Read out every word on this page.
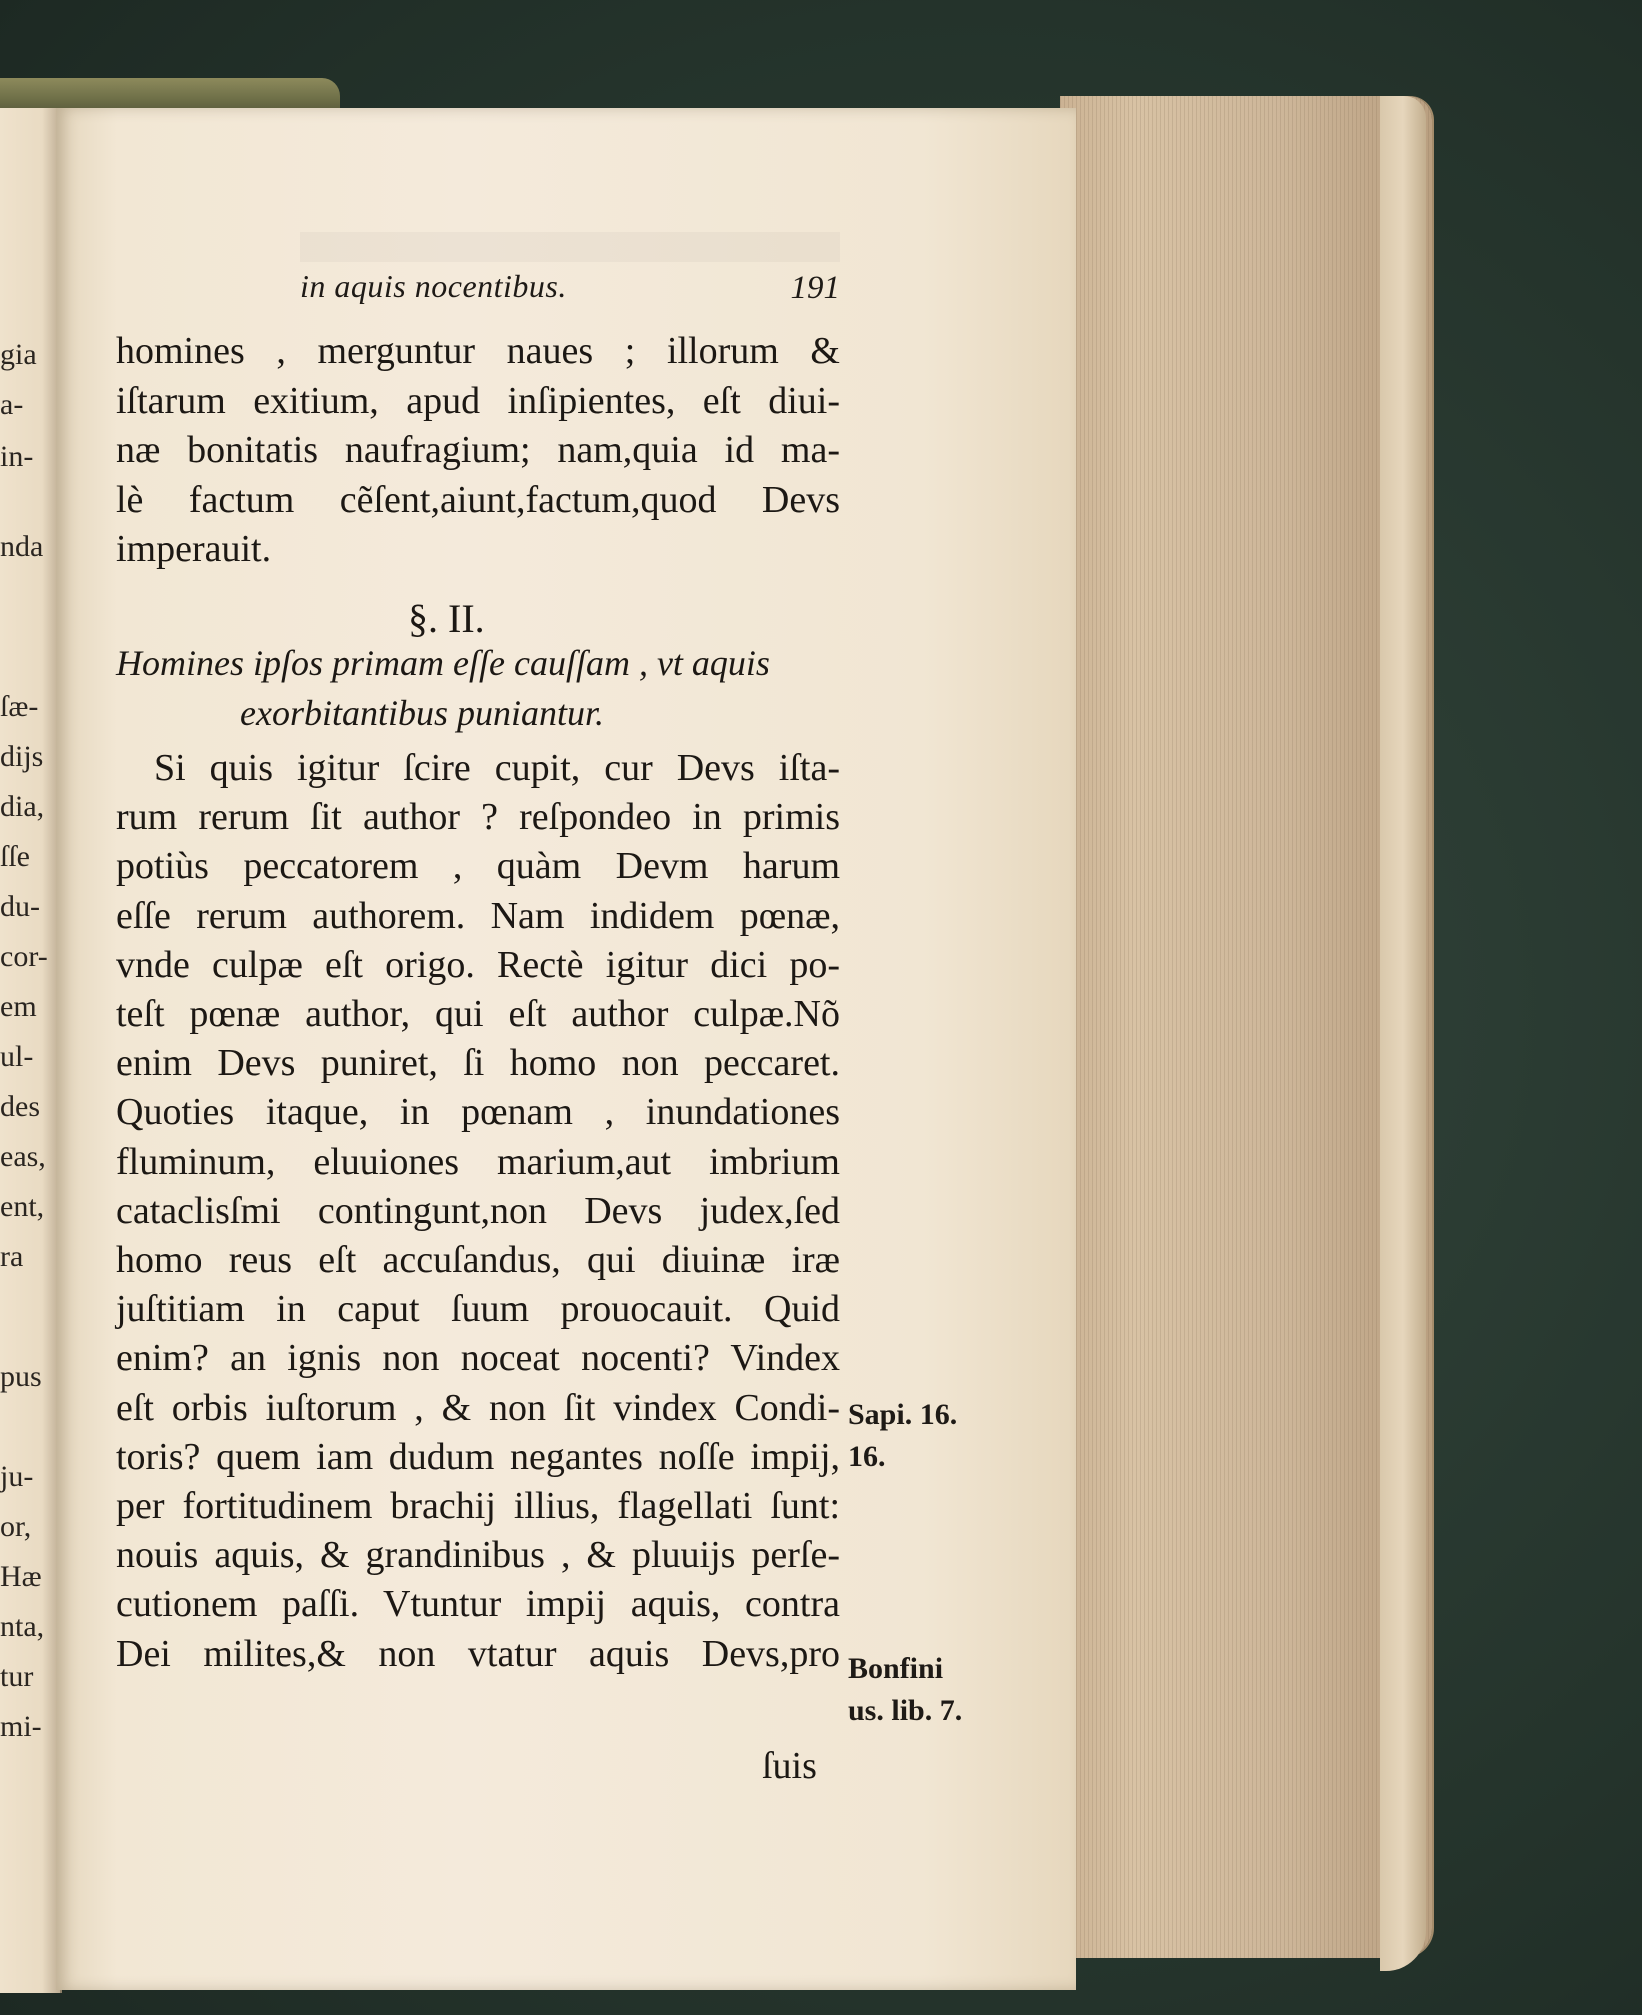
gia
a-
in-
nda
ſæ-
dijs
dia,
ſſe
du-
cor-
em
ul-
des
eas,
ent,
ra
pus
ju-
or,
Hæ
nta,
tur
mi-
in aquis nocentibus.	191
homines , merguntur naues ; illorum &
iſtarum exitium, apud inſipientes, eſt diui-
næ bonitatis naufragium; nam,quia id ma-
lè factum cẽſent,aiunt,factum,quod Devs
imperauit.
§. II.
Homines ipſos primam eſſe cauſſam , vt aquis
exorbitantibus puniantur.
Si quis igitur ſcire cupit, cur Devs iſta-
rum rerum ſit author ? reſpondeo in primis
potiùs peccatorem , quàm Devm harum
eſſe rerum authorem. Nam indidem pœnæ,
vnde culpæ eſt origo. Rectè igitur dici po-
teſt pœnæ author, qui eſt author culpæ.Nõ
enim Devs puniret, ſi homo non peccaret.
Quoties itaque, in pœnam , inundationes
fluminum, eluuiones marium,aut imbrium
cataclisſmi contingunt,non Devs judex,ſed
homo reus eſt accuſandus, qui diuinæ iræ
juſtitiam in caput ſuum prouocauit. Quid
enim? an ignis non noceat nocenti? Vindex
eſt orbis iuſtorum , & non ſit vindex Condi-
toris? quem iam dudum negantes noſſe impij,
per fortitudinem brachij illius, flagellati ſunt:
nouis aquis, & grandinibus , & pluuijs perſe-
cutionem paſſi. Vtuntur impij aquis, contra
Dei milites,& non vtatur aquis Devs,pro
ſuis
Sapi. 16.
16.
Bonfini
us. lib. 7.
